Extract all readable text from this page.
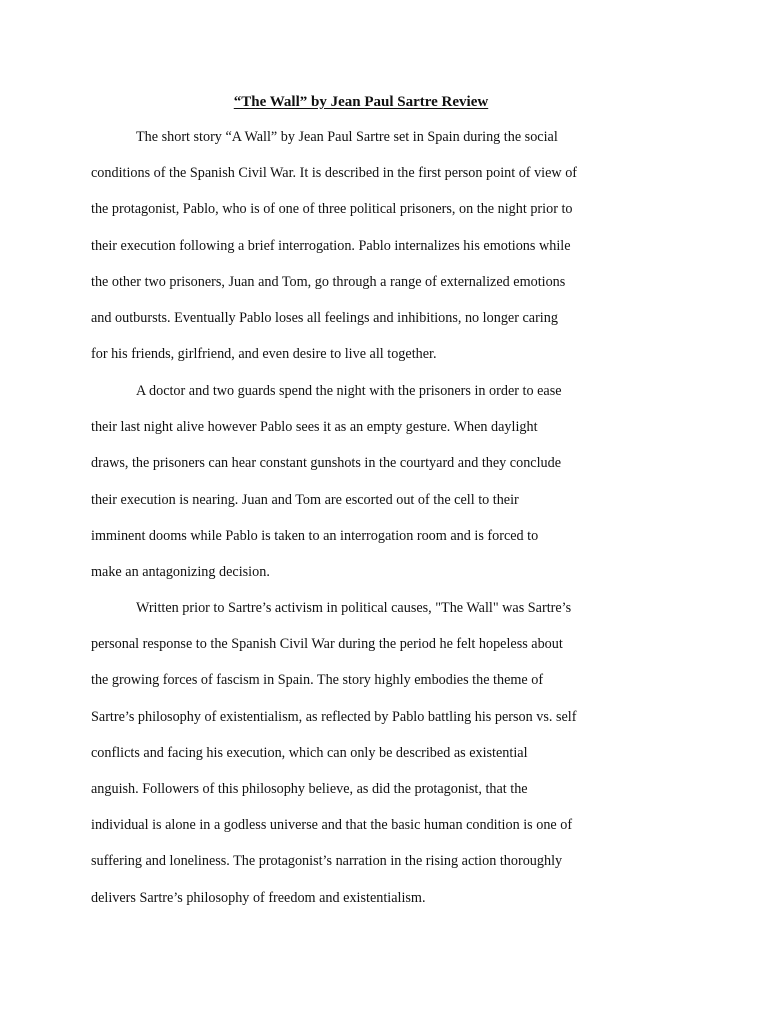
“The Wall” by Jean Paul Sartre Review

The short story “A Wall” by Jean Paul Sartre set in Spain during the social
conditions of the Spanish Civil War. It is described in the first person point of view of
the protagonist, Pablo, who is of one of three political prisoners, on the night prior to
their execution following a brief interrogation. Pablo internalizes his emotions while
the other two prisoners, Juan and Tom, go through a range of externalized emotions
and outbursts. Eventually Pablo loses all feelings and inhibitions, no longer caring
for his friends, girlfriend, and even desire to live all together.

A doctor and two guards spend the night with the prisoners in order to ease
their last night alive however Pablo sees it as an empty gesture. When daylight
draws, the prisoners can hear constant gunshots in the courtyard and they conclude
their execution is nearing. Juan and Tom are escorted out of the cell to their
imminent dooms while Pablo is taken to an interrogation room and is forced to
make an antagonizing decision.

Written prior to Sartre’s activism in political causes, "The Wall" was Sartre’s
personal response to the Spanish Civil War during the period he felt hopeless about
the growing forces of fascism in Spain. The story highly embodies the theme of
Sartre’s philosophy of existentialism, as reflected by Pablo battling his person vs. self
conflicts and facing his execution, which can only be described as existential
anguish. Followers of this philosophy believe, as did the protagonist, that the
individual is alone in a godless universe and that the basic human condition is one of
suffering and loneliness. The protagonist’s narration in the rising action thoroughly
delivers Sartre’s philosophy of freedom and existentialism.
